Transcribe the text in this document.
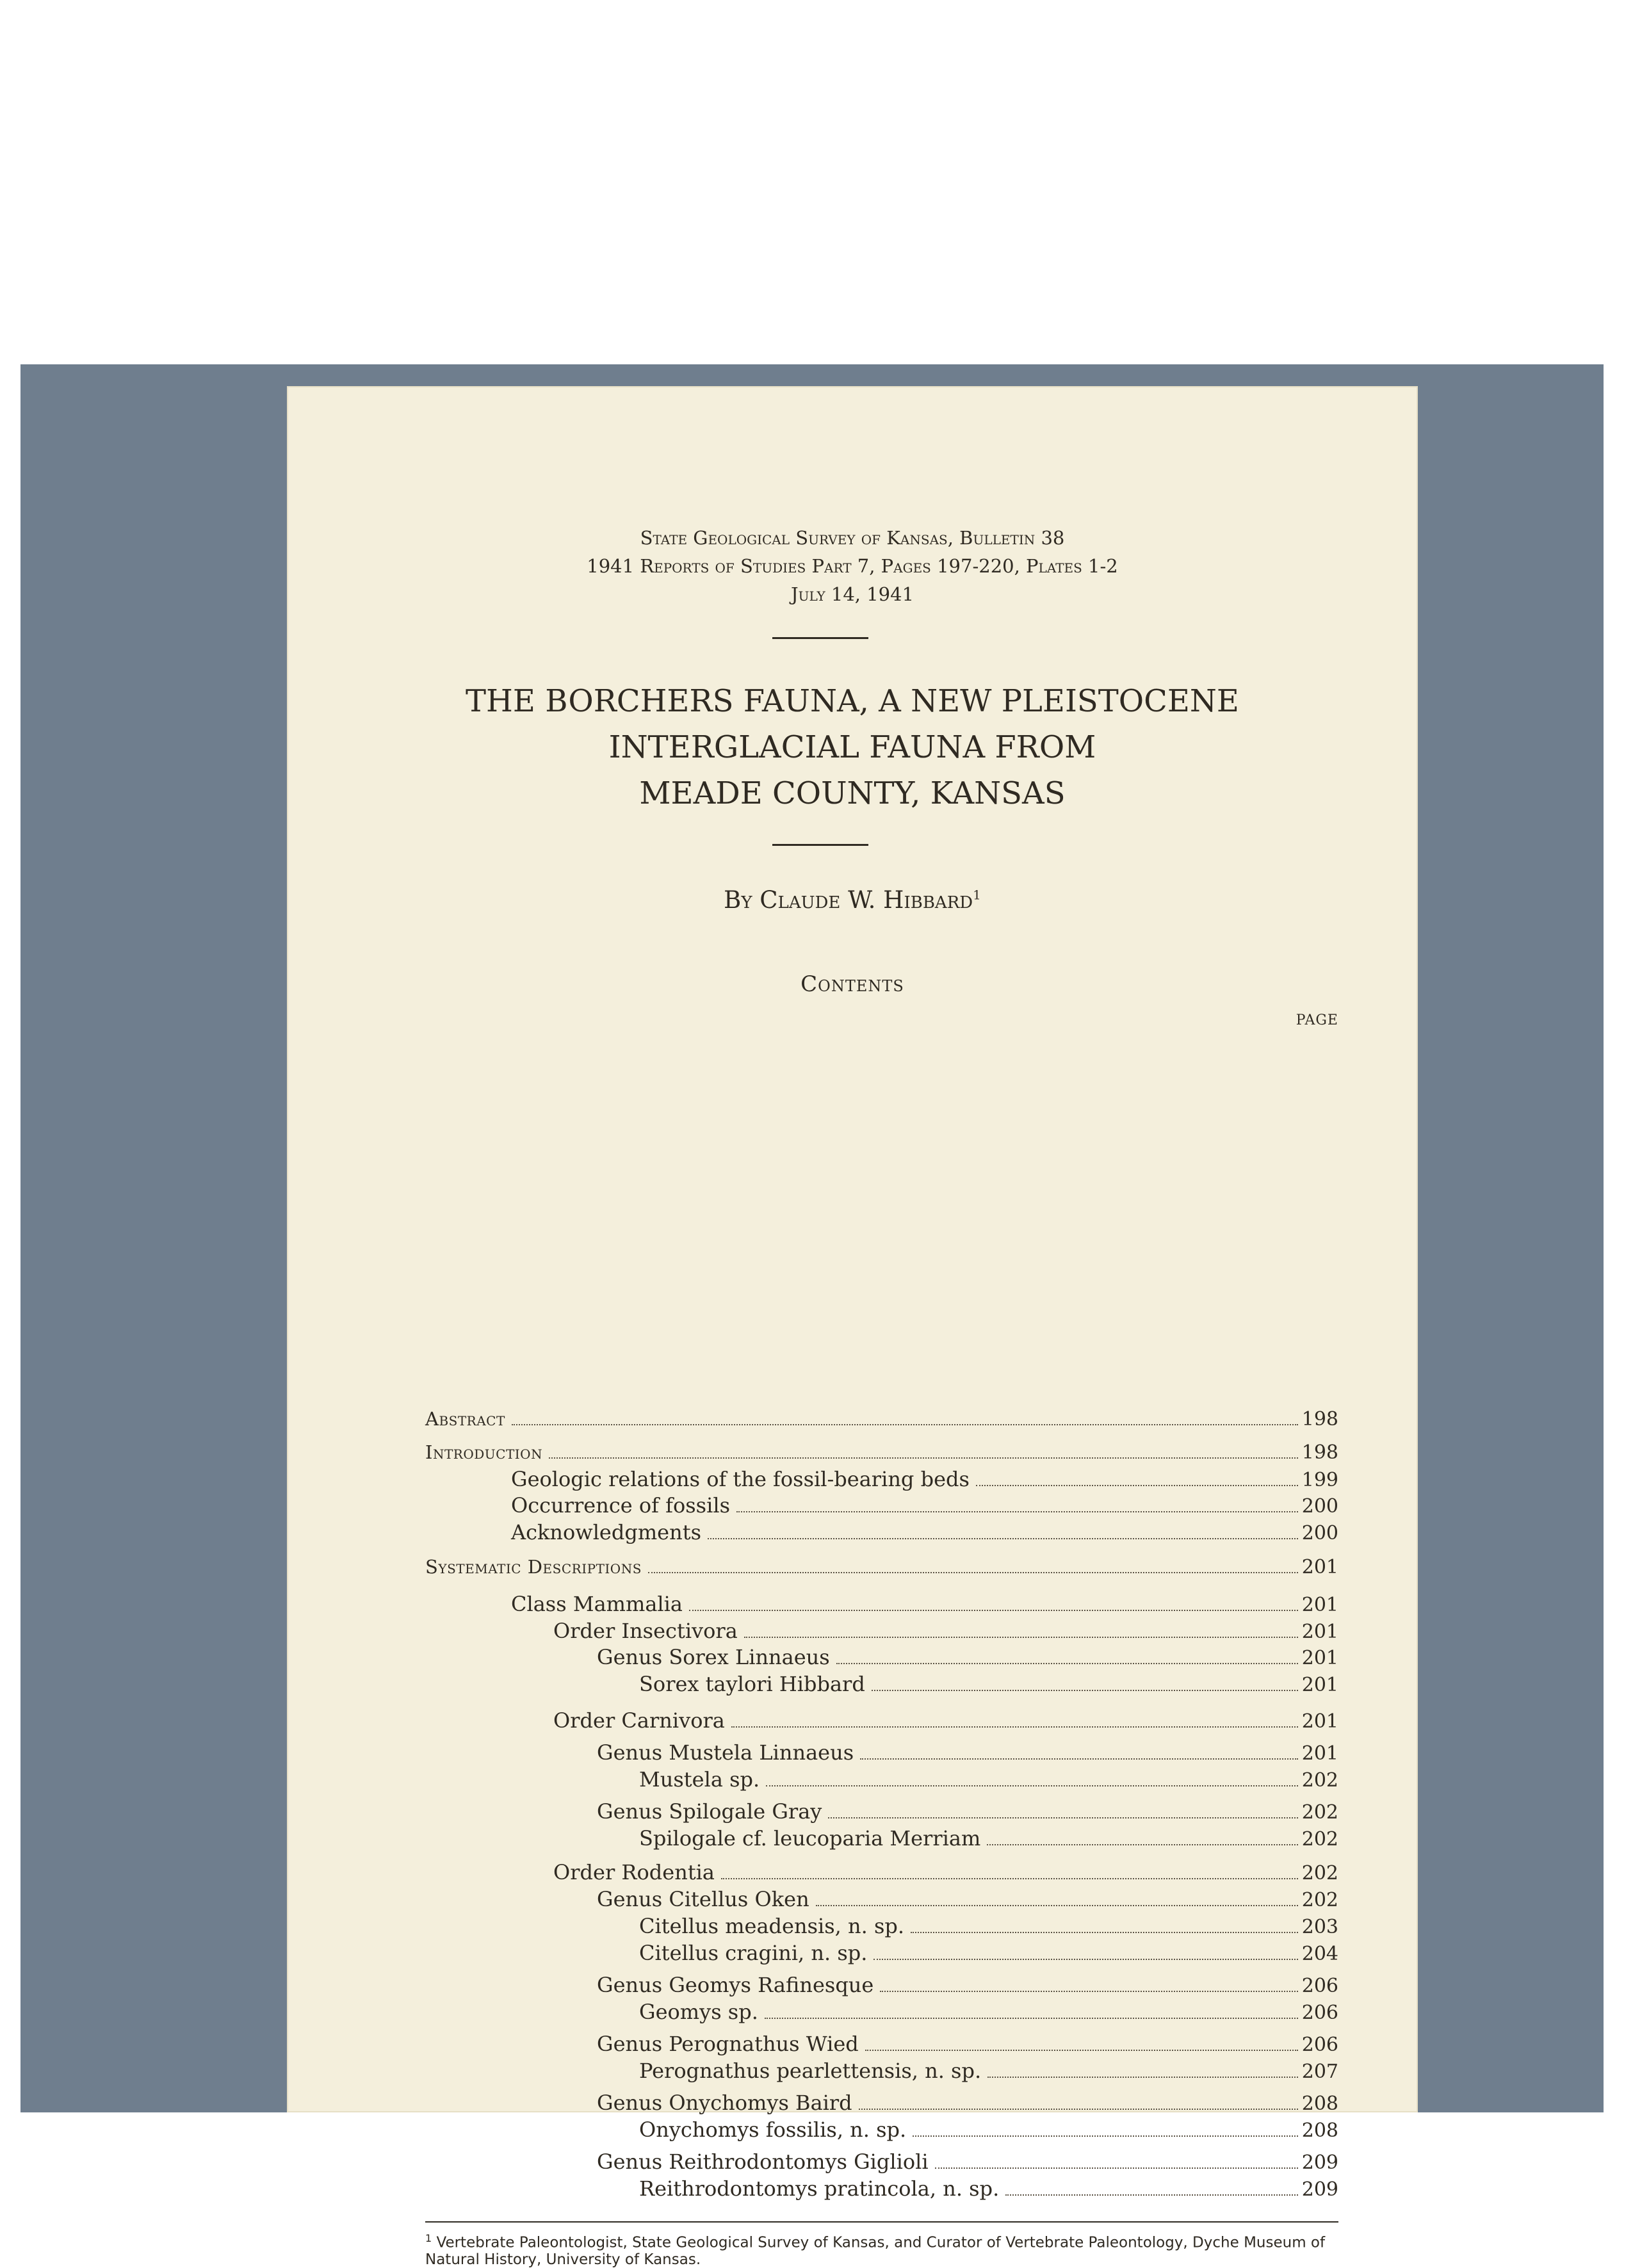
State Geological Survey of Kansas, Bulletin 38
1941 Reports of Studies Part 7, Pages 197-220, Plates 1-2
July 14, 1941
THE BORCHERS FAUNA, A NEW PLEISTOCENE
INTERGLACIAL FAUNA FROM
MEADE COUNTY, KANSAS
By Claude W. Hibbard$^1$
Contents
PAGE
Abstract	198
Introduction	198
Geologic relations of the fossil-bearing beds	199
Occurrence of fossils	200
Acknowledgments	200
Systematic Descriptions	201
Class Mammalia	201
Order Insectivora	201
Genus Sorex Linnaeus	201
Sorex taylori Hibbard	201
Order Carnivora	201
Genus Mustela Linnaeus	201
Mustela sp.	202
Genus Spilogale Gray	202
Spilogale cf. leucoparia Merriam	202
Order Rodentia	202
Genus Citellus Oken	202
Citellus meadensis, n. sp.	203
Citellus cragini, n. sp.	204
Genus Geomys Rafinesque	206
Geomys sp.	206
Genus Perognathus Wied	206
Perognathus pearlettensis, n. sp.	207
Genus Onychomys Baird	208
Onychomys fossilis, n. sp.	208
Genus Reithrodontomys Giglioli	209
Reithrodontomys pratincola, n. sp.	209
$^1$ Vertebrate Paleontologist, State Geological Survey of Kansas, and Curator of Vertebrate Paleontology, Dyche Museum of Natural History, University of Kansas.
